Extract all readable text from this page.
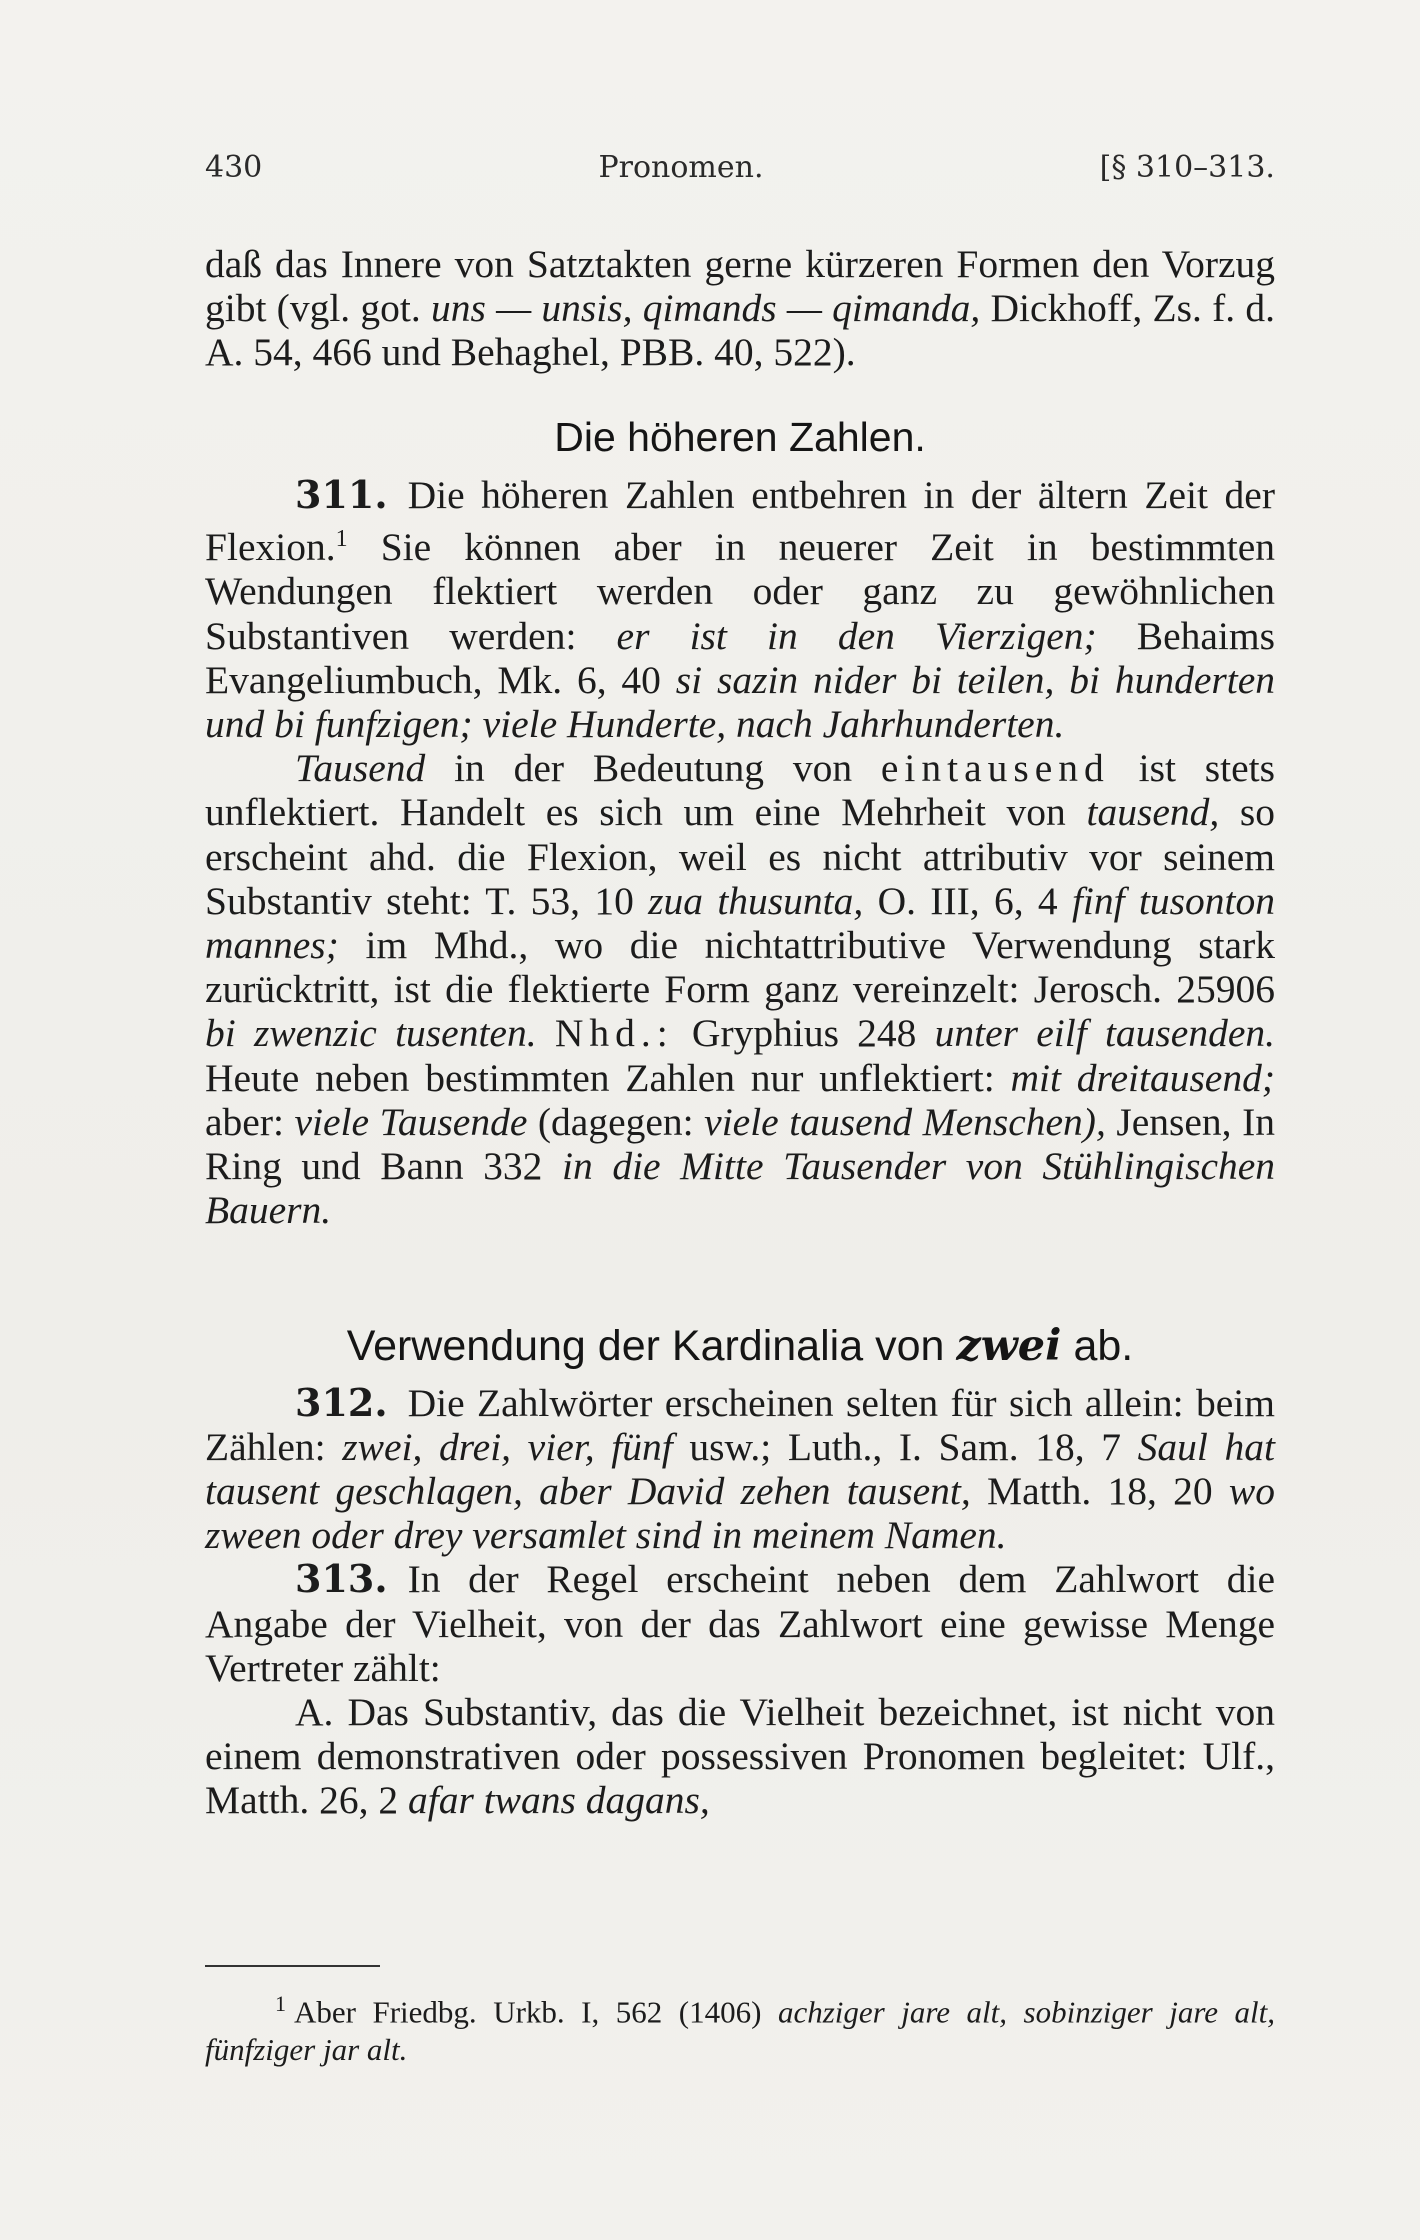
430	Pronomen.	[§ 310–313.

daß das Innere von Satztakten gerne kürzeren Formen den Vorzug gibt (vgl. got. uns — unsis, qimands — qimanda, Dickhoff, Zs. f. d. A. 54, 466 und Behaghel, PBB. 40, 522).

Die höheren Zahlen.

311. Die höheren Zahlen entbehren in der ältern Zeit der Flexion.$^1$ Sie können aber in neuerer Zeit in bestimmten Wendungen flektiert werden oder ganz zu gewöhnlichen Substantiven werden: er ist in den Vierzigen; Behaims Evangeliumbuch, Mk. 6, 40 si sazin nider bi teilen, bi hunderten und bi funfzigen; viele Hunderte, nach Jahrhunderten.

Tausend in der Bedeutung von eintausend ist stets unflektiert. Handelt es sich um eine Mehrheit von tausend, so erscheint ahd. die Flexion, weil es nicht attributiv vor seinem Substantiv steht: T. 53, 10 zua thusunta, O. III, 6, 4 finf tusonton mannes; im Mhd., wo die nichtattributive Verwendung stark zurücktritt, ist die flektierte Form ganz vereinzelt: Jerosch. 25906 bi zwenzic tusenten. Nhd.: Gryphius 248 unter eilf tausenden. Heute neben bestimmten Zahlen nur unflektiert: mit dreitausend; aber: viele Tausende (dagegen: viele tausend Menschen), Jensen, In Ring und Bann 332 in die Mitte Tausender von Stühlingischen Bauern.

Verwendung der Kardinalia von zwei ab.

312. Die Zahlwörter erscheinen selten für sich allein: beim Zählen: zwei, drei, vier, fünf usw.; Luth., I. Sam. 18, 7 Saul hat tausent geschlagen, aber David zehen tausent, Matth. 18, 20 wo zween oder drey versamlet sind in meinem Namen.

313. In der Regel erscheint neben dem Zahlwort die Angabe der Vielheit, von der das Zahlwort eine gewisse Menge Vertreter zählt:

A. Das Substantiv, das die Vielheit bezeichnet, ist nicht von einem demonstrativen oder possessiven Pronomen begleitet: Ulf., Matth. 26, 2 afar twans dagans,

$^1$ Aber Friedbg. Urkb. I, 562 (1406) achziger jare alt, sobinziger jare alt, fünfziger jar alt.
